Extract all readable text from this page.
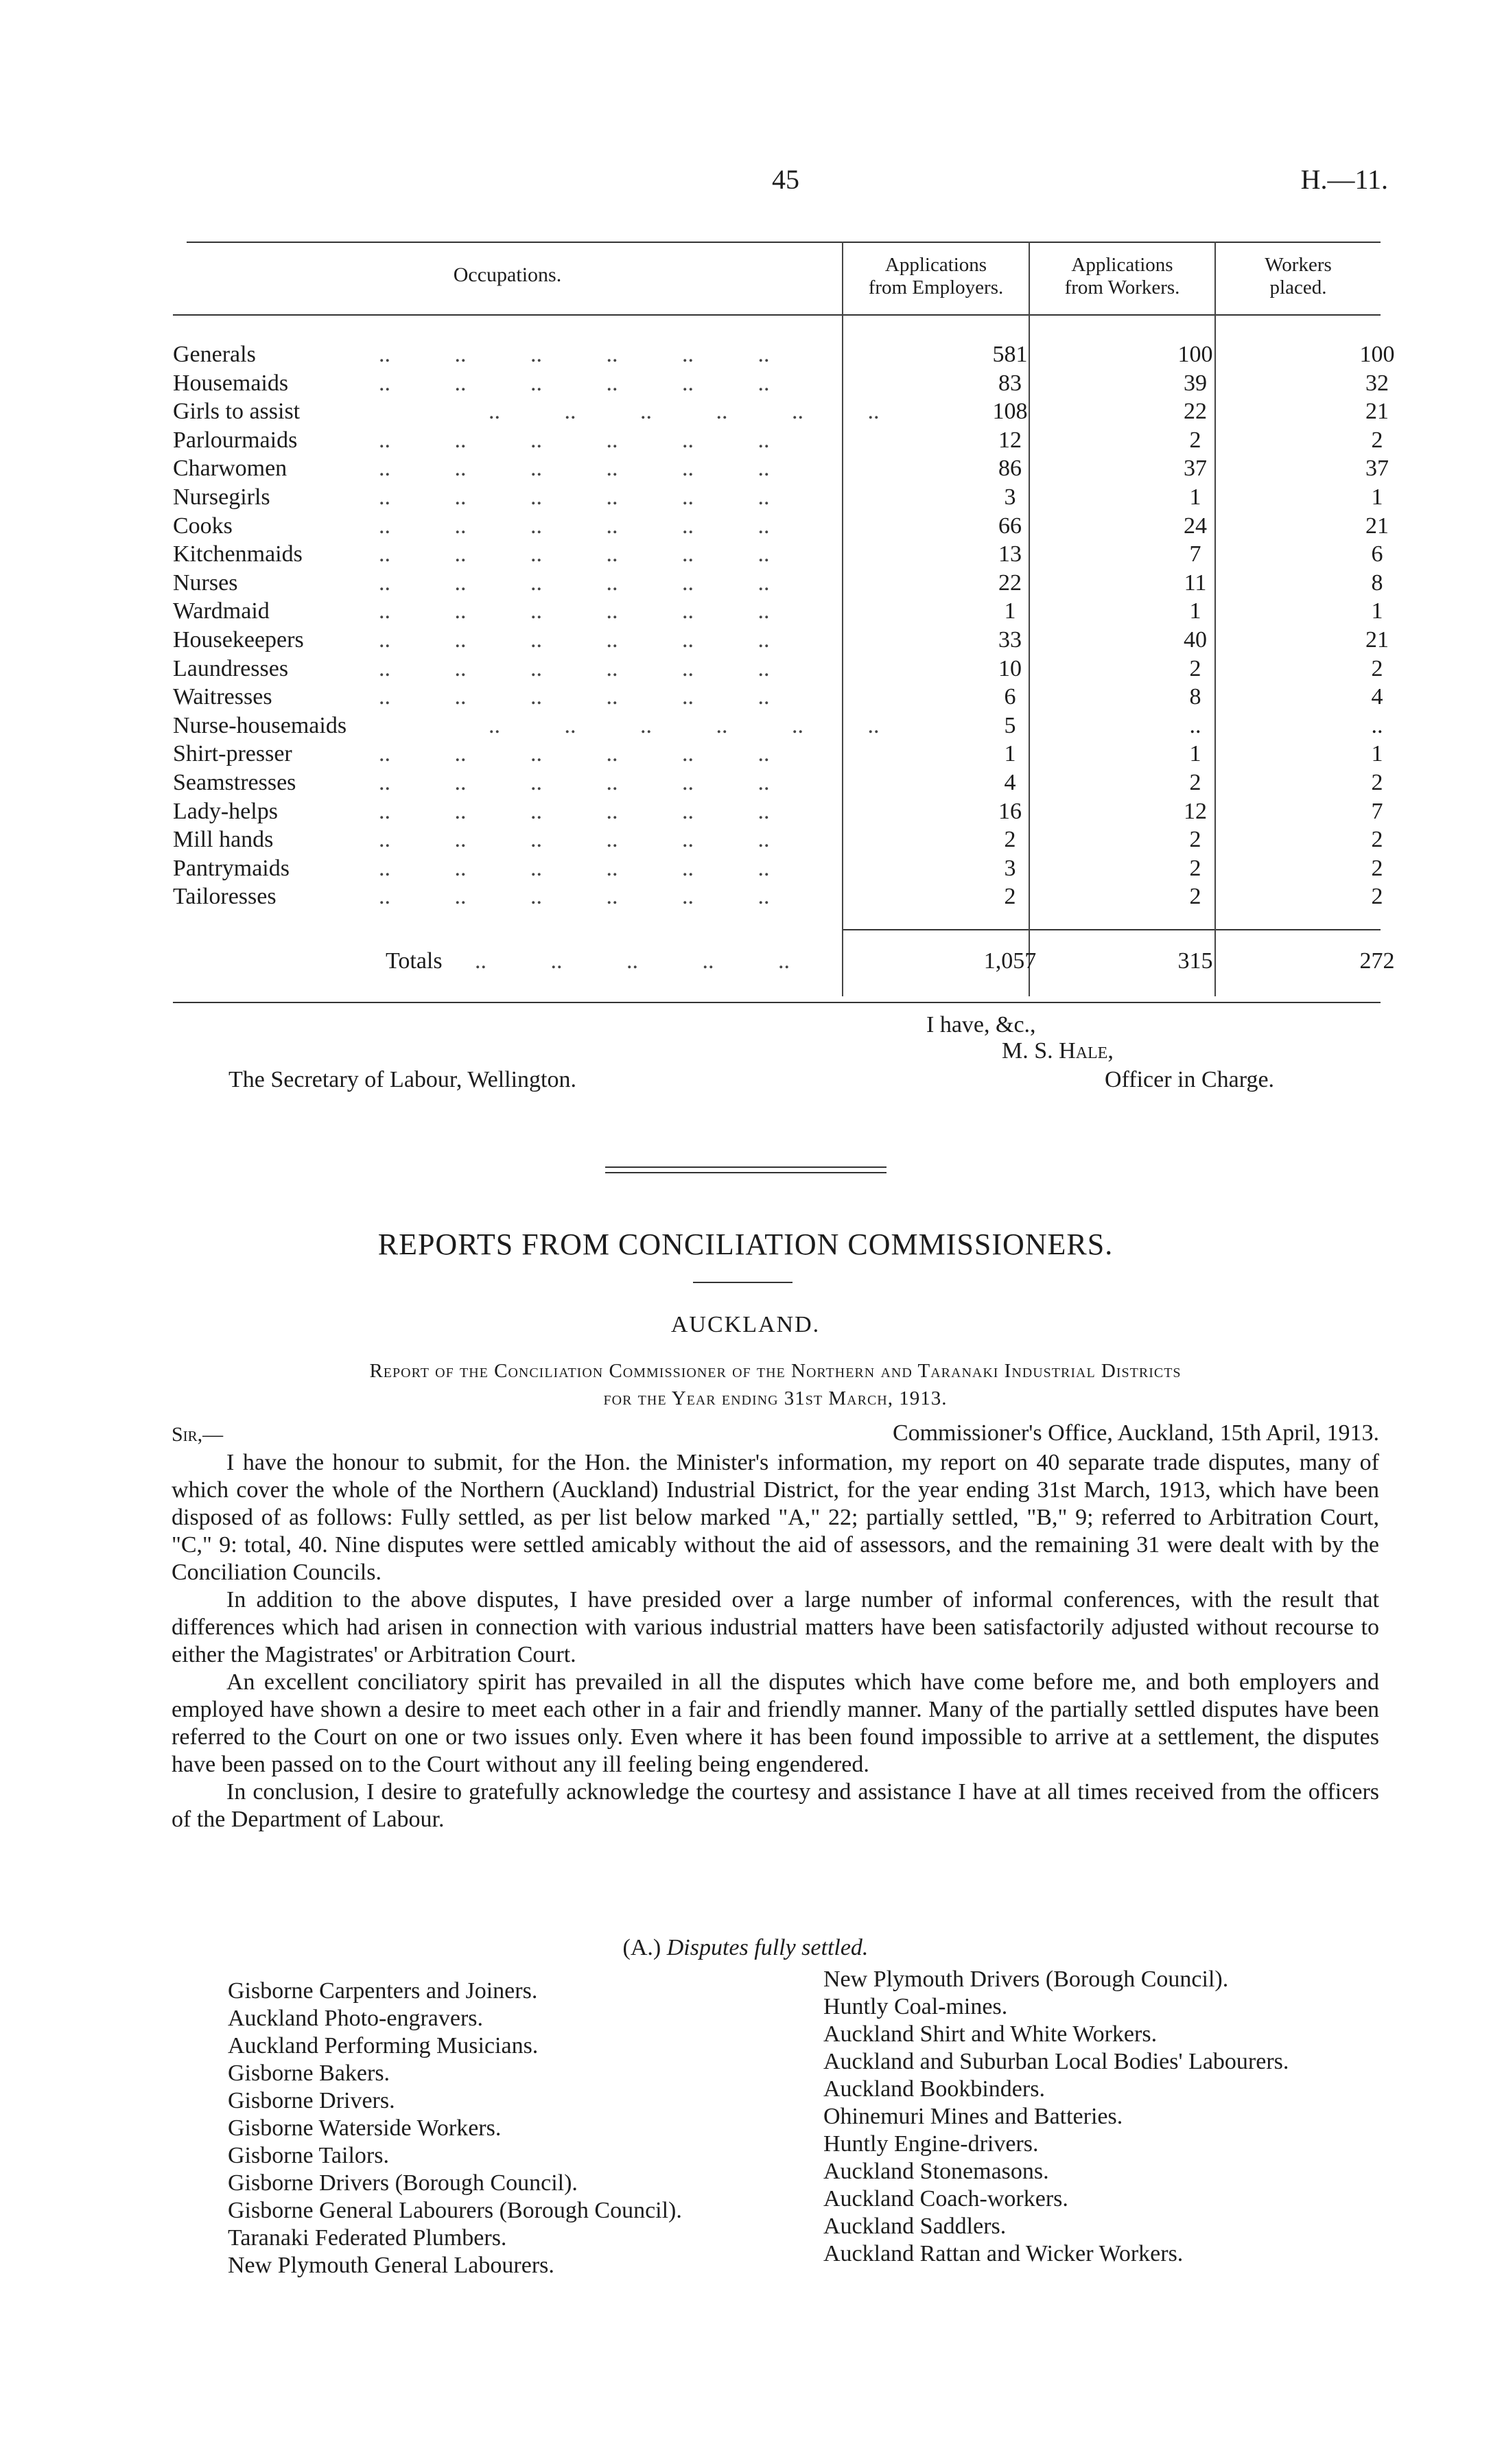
45	H.—11.
Occupations.	Applications
from Employers.
Applications
from Workers.
Workers
placed.
Generals	..           ..           ..           ..           ..           ..	581	100	100
Housemaids	..           ..           ..           ..           ..           ..	83	39	32
Girls to assist	..           ..           ..           ..           ..           ..	108	22	21
Parlourmaids	..           ..           ..           ..           ..           ..	12	2	2
Charwomen	..           ..           ..           ..           ..           ..	86	37	37
Nursegirls	..           ..           ..           ..           ..           ..	3	1	1
Cooks	..           ..           ..           ..           ..           ..	66	24	21
Kitchenmaids	..           ..           ..           ..           ..           ..	13	7	6
Nurses	..           ..           ..           ..           ..           ..	22	11	8
Wardmaid	..           ..           ..           ..           ..           ..	1	1	1
Housekeepers	..           ..           ..           ..           ..           ..	33	40	21
Laundresses	..           ..           ..           ..           ..           ..	10	2	2
Waitresses	..           ..           ..           ..           ..           ..	6	8	4
Nurse-housemaids	..           ..           ..           ..           ..           ..	5	..	..
Shirt-presser	..           ..           ..           ..           ..           ..	1	1	1
Seamstresses	..           ..           ..           ..           ..           ..	4	2	2
Lady-helps	..           ..           ..           ..           ..           ..	16	12	7
Mill hands	..           ..           ..           ..           ..           ..	2	2	2
Pantrymaids	..           ..           ..           ..           ..           ..	3	2	2
Tailoresses	..           ..           ..           ..           ..           ..	2	2	2
Totals ..           ..           ..           ..           ..	1,057	315	272
I have, &c.,
M. S. Hale,
Officer in Charge.
The Secretary of Labour, Wellington.
REPORTS FROM CONCILIATION COMMISSIONERS.
AUCKLAND.
Report of the Conciliation Commissioner of the Northern and Taranaki Industrial Districts
for the Year ending 31st March, 1913.
Sir,—	Commissioner's Office, Auckland, 15th April, 1913.

I have the honour to submit, for the Hon. the Minister's information, my report on 40 separate trade disputes, many of which cover the whole of the Northern (Auckland) Industrial District, for the year ending 31st March, 1913, which have been disposed of as follows: Fully settled, as per list below marked "A," 22; partially settled, "B," 9; referred to Arbitration Court, "C," 9: total, 40. Nine disputes were settled amicably without the aid of assessors, and the remaining 31 were dealt with by the Conciliation Councils.

In addition to the above disputes, I have presided over a large number of informal conferences, with the result that differences which had arisen in connection with various industrial matters have been satisfactorily adjusted without recourse to either the Magistrates' or Arbitration Court.

An excellent conciliatory spirit has prevailed in all the disputes which have come before me, and both employers and employed have shown a desire to meet each other in a fair and friendly manner. Many of the partially settled disputes have been referred to the Court on one or two issues only. Even where it has been found impossible to arrive at a settlement, the disputes have been passed on to the Court without any ill feeling being engendered.

In conclusion, I desire to gratefully acknowledge the courtesy and assistance I have at all times received from the officers of the Department of Labour.

(A.) Disputes fully settled.
Gisborne Carpenters and Joiners.
Auckland Photo-engravers.
Auckland Performing Musicians.
Gisborne Bakers.
Gisborne Drivers.
Gisborne Waterside Workers.
Gisborne Tailors.
Gisborne Drivers (Borough Council).
Gisborne General Labourers (Borough Council).
Taranaki Federated Plumbers.
New Plymouth General Labourers.
New Plymouth Drivers (Borough Council).
Huntly Coal-mines.
Auckland Shirt and White Workers.
Auckland and Suburban Local Bodies' Labourers.
Auckland Bookbinders.
Ohinemuri Mines and Batteries.
Huntly Engine-drivers.
Auckland Stonemasons.
Auckland Coach-workers.
Auckland Saddlers.
Auckland Rattan and Wicker Workers.
